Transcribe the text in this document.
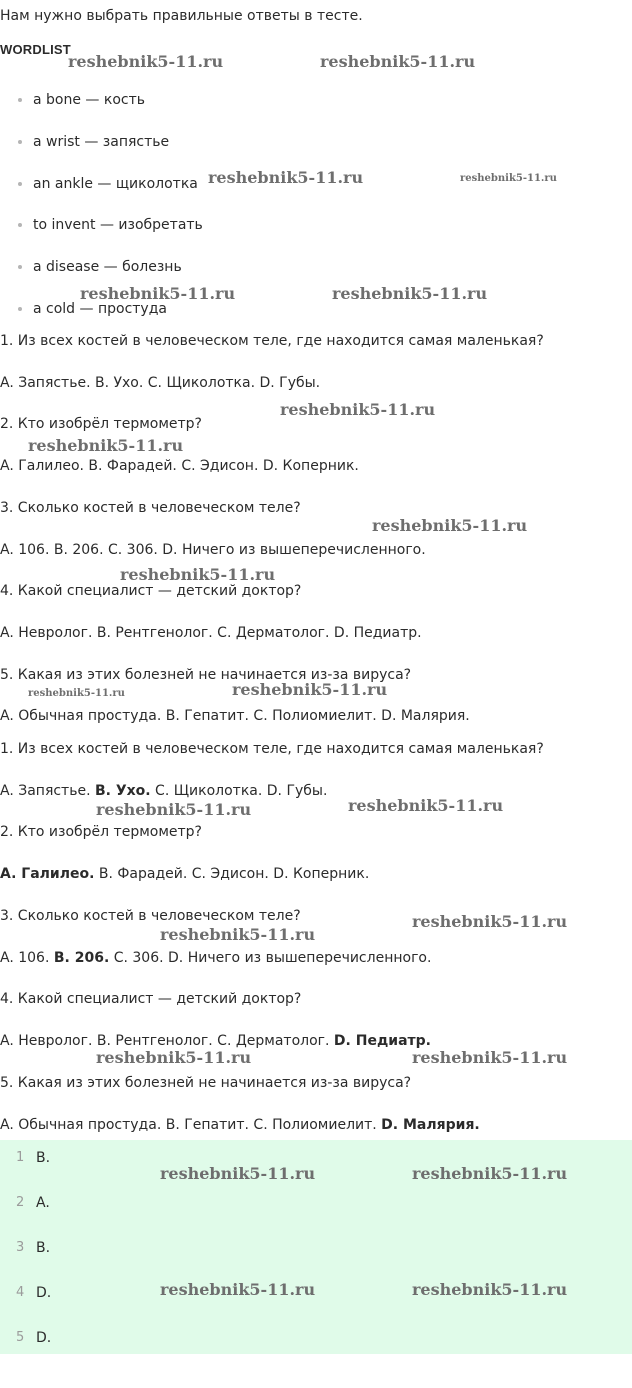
Нам нужно выбрать правильные ответы в тесте.
WORDLIST
a bone — кость
a wrist — запястье
an ankle — щиколотка
to invent — изобретать
a disease — болезнь
a cold — простуда
1. Из всех костей в человеческом теле, где находится самая маленькая?
A. Запястье. B. Ухо. C. Щиколотка. D. Губы.
2. Кто изобрёл термометр?
A. Галилео. B. Фарадей. C. Эдисон. D. Коперник.
3. Сколько костей в человеческом теле?
A. 106. B. 206. C. 306. D. Ничего из вышеперечисленного.
4. Какой специалист — детский доктор?
A. Невролог. B. Рентгенолог. C. Дерматолог. D. Педиатр.
5. Какая из этих болезней не начинается из-за вируса?
A. Обычная простуда. B. Гепатит. C. Полиомиелит. D. Малярия.
1. Из всех костей в человеческом теле, где находится самая маленькая?
A. Запястье. B. Ухо. C. Щиколотка. D. Губы.
2. Кто изобрёл термометр?
A. Галилео. B. Фарадей. C. Эдисон. D. Коперник.
3. Сколько костей в человеческом теле?
A. 106. B. 206. C. 306. D. Ничего из вышеперечисленного.
4. Какой специалист — детский доктор?
A. Невролог. B. Рентгенолог. C. Дерматолог. D. Педиатр.
5. Какая из этих болезней не начинается из-за вируса?
A. Обычная простуда. B. Гепатит. C. Полиомиелит. D. Малярия.
1 B.
2 A.
3 B.
4 D.
5 D.
reshebnik5-11.ru	reshebnik5-11.ru
reshebnik5-11.ru	reshebnik5-11.ru
reshebnik5-11.ru	reshebnik5-11.ru
reshebnik5-11.ru
reshebnik5-11.ru
reshebnik5-11.ru
reshebnik5-11.ru
reshebnik5-11.ru	reshebnik5-11.ru
reshebnik5-11.ru	reshebnik5-11.ru
reshebnik5-11.ru
reshebnik5-11.ru
reshebnik5-11.ru	reshebnik5-11.ru
reshebnik5-11.ru	reshebnik5-11.ru
reshebnik5-11.ru	reshebnik5-11.ru
